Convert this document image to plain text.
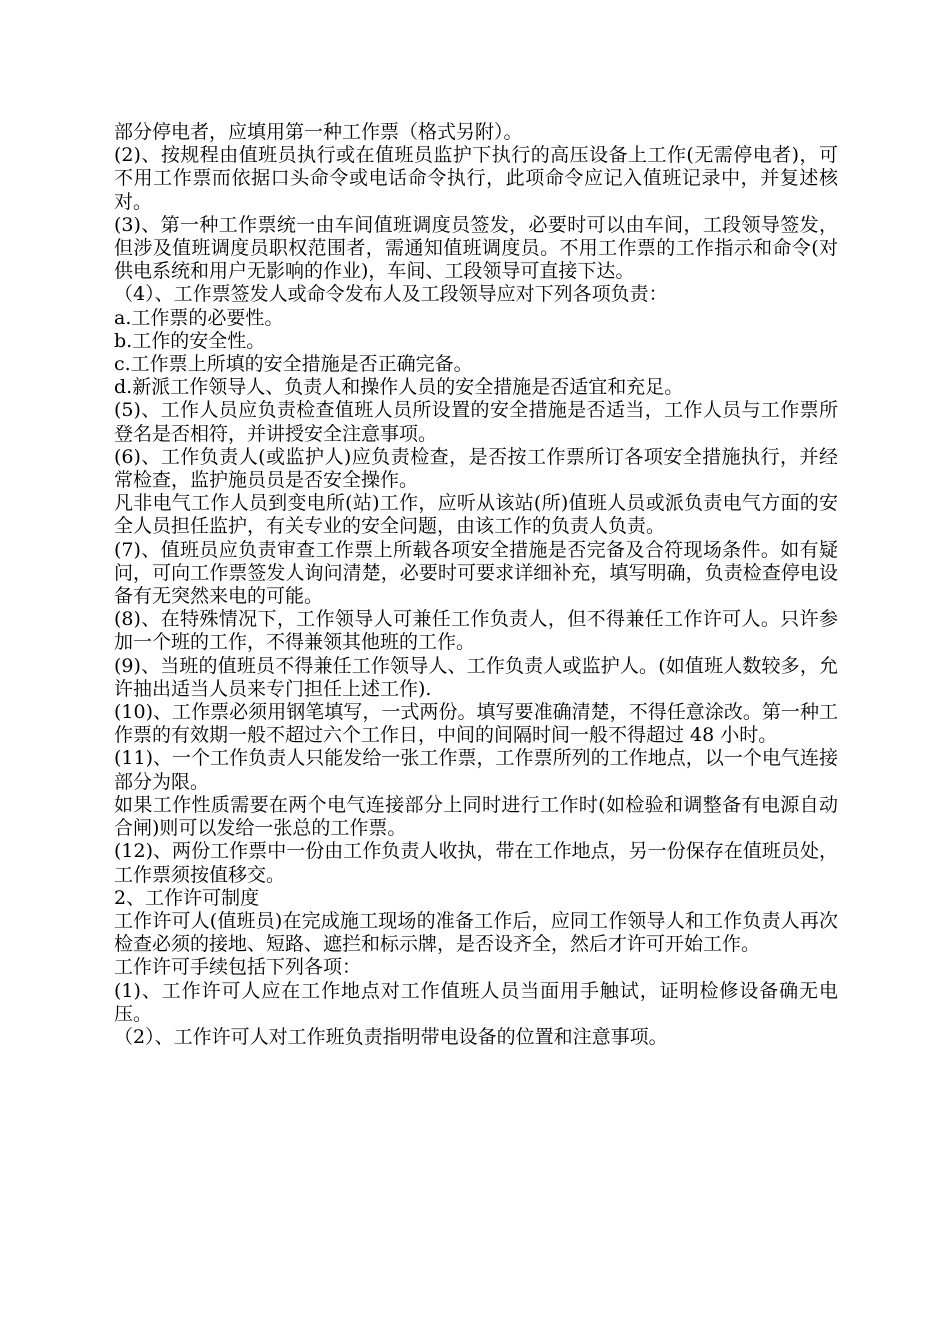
部分停电者，应填用第一种工作票（格式另附）。

(2)、按规程由值班员执行或在值班员监护下执行的高压设备上工作(无需停电者)，可不用工作票而依据口头命令或电话命令执行，此项命令应记入值班记录中，并复述核对。

(3)、第一种工作票统一由车间值班调度员签发，必要时可以由车间，工段领导签发，但涉及值班调度员职权范围者，需通知值班调度员。不用工作票的工作指示和命令(对供电系统和用户无影响的作业)，车间、工段领导可直接下达。

（4）、工作票签发人或命令发布人及工段领导应对下列各项负责：

a.工作票的必要性。

b.工作的安全性。

c.工作票上所填的安全措施是否正确完备。

d.新派工作领导人、负责人和操作人员的安全措施是否适宜和充足。

(5)、工作人员应负责检查值班人员所设置的安全措施是否适当，工作人员与工作票所登名是否相符，并讲授安全注意事项。

(6)、工作负责人(或监护人)应负责检查，是否按工作票所订各项安全措施执行，并经常检查，监护施员员是否安全操作。

凡非电气工作人员到变电所(站)工作，应听从该站(所)值班人员或派负责电气方面的安全人员担任监护，有关专业的安全问题，由该工作的负责人负责。

(7)、值班员应负责审查工作票上所载各项安全措施是否完备及合符现场条件。如有疑问，可向工作票签发人询问清楚，必要时可要求详细补充，填写明确，负责检查停电设备有无突然来电的可能。

(8)、在特殊情况下，工作领导人可兼任工作负责人，但不得兼任工作许可人。只许参加一个班的工作，不得兼领其他班的工作。

(9)、当班的值班员不得兼任工作领导人、工作负责人或监护人。(如值班人数较多，允许抽出适当人员来专门担任上述工作).

(10)、工作票必须用钢笔填写，一式两份。填写要准确清楚，不得任意涂改。第一种工作票的有效期一般不超过六个工作日，中间的间隔时间一般不得超过 48 小时。

(11)、一个工作负责人只能发给一张工作票，工作票所列的工作地点，以一个电气连接部分为限。

如果工作性质需要在两个电气连接部分上同时进行工作时(如检验和调整备有电源自动合闸)则可以发给一张总的工作票。

(12)、两份工作票中一份由工作负责人收执，带在工作地点，另一份保存在值班员处，工作票须按值移交。

2、工作许可制度

工作许可人(值班员)在完成施工现场的准备工作后，应同工作领导人和工作负责人再次检查必须的接地、短路、遮拦和标示牌，是否设齐全，然后才许可开始工作。

工作许可手续包括下列各项：

(1)、工作许可人应在工作地点对工作值班人员当面用手触试，证明检修设备确无电压。

（2）、工作许可人对工作班负责指明带电设备的位置和注意事项。
